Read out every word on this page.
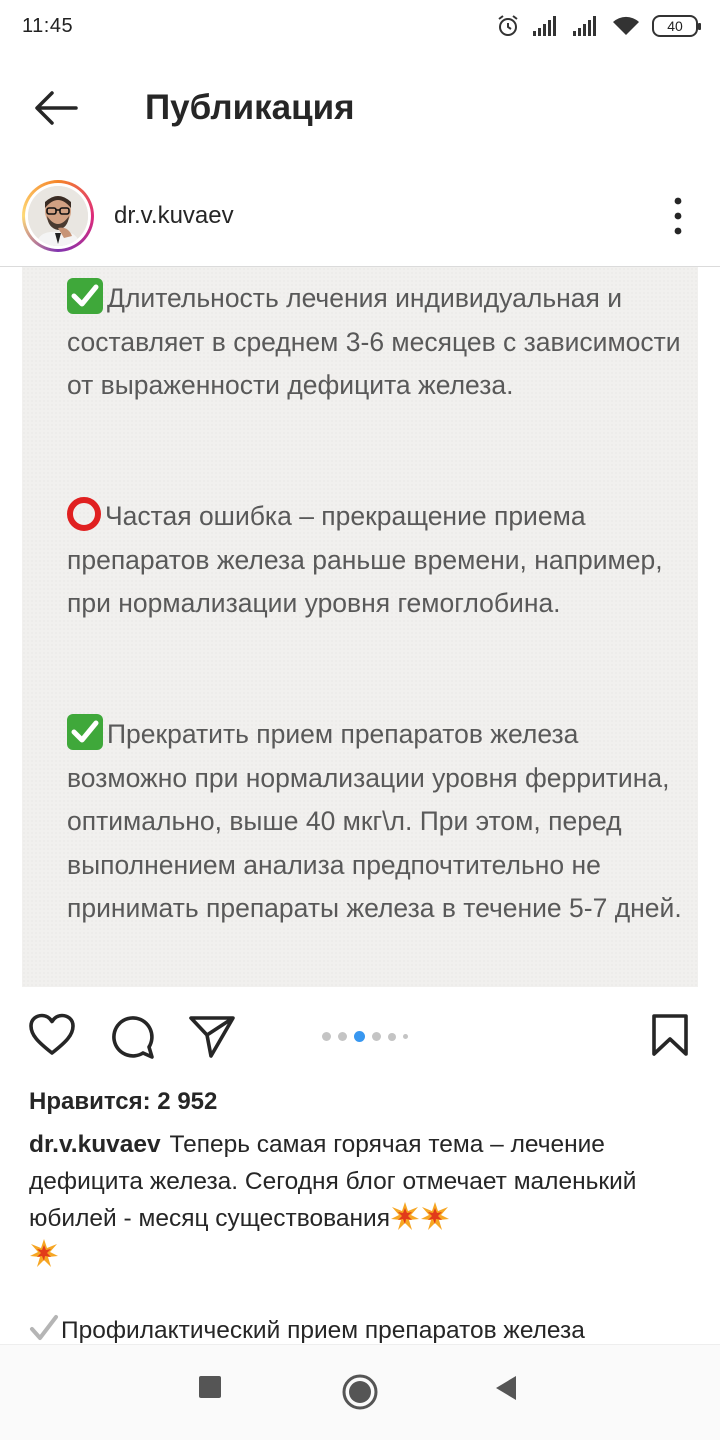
11:45	40
Публикация
dr.v.kuvaev
Длительность лечения индивидуальная и составляет в среднем 3-6 месяцев с зависимости от выраженности дефицита железа.
Частая ошибка – прекращение приема препаратов железа раньше времени, например, при нормализации уровня гемоглобина.
Прекратить прием препаратов железа возможно при нормализации уровня ферритина, оптимально, выше 40 мкг\л. При этом, перед выполнением анализа предпочтительно не принимать препараты железа в течение 5-7 дней.
Нравится: 2 952
dr.v.kuvaev Теперь самая горячая тема – лечение дефицита железа. Сегодня блог отмечает маленький юбилей - месяц существования

Профилактический прием препаратов железа
